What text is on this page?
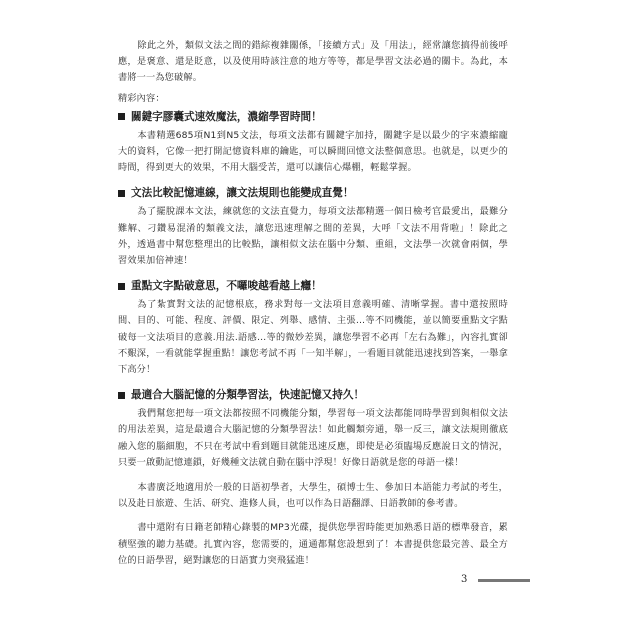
除此之外，類似文法之間的錯綜複雜關係，「接續方式」及「用法」，經常讓您搞得前後呼應，是褒意、還是貶意，以及使用時該注意的地方等等，都是學習文法必過的關卡。為此，本書將一一為您破解。

精彩內容：

關鍵字膠囊式速效魔法，濃縮學習時間！

本書精選685項N1到N5文法，每項文法都有關鍵字加持，關鍵字是以最少的字來濃縮龐大的資料，它像一把打開記憶資料庫的鑰匙，可以瞬間回憶文法整個意思。也就是，以更少的時間，得到更大的效果，不用大腦受苦，還可以讓信心爆棚，輕鬆掌握。

文法比較記憶連線，讓文法規則也能變成直覺！

為了擺脫課本文法，練就您的文法直覺力，每項文法都精選一個日檢考官最愛出，最難分難解、刁鑽易混淆的類義文法，讓您迅速理解之間的差異，大呼「文法不用背啦」！除此之外，透過書中幫您整理出的比較點，讓相似文法在腦中分類、重組，文法學一次就會兩個，學習效果加倍神速！

重點文字點破意思，不囉唆越看越上癮！

為了紮實對文法的記憶根底，務求對每一文法項目意義明確、清晰掌握。書中還按照時間、目的、可能、程度、評價、限定、列舉、感情、主張…等不同機能，並以簡要重點文字點破每一文法項目的意義.用法.語感…等的微妙差異，讓您學習不必再「左右為難」，內容扎實卻不艱深，一看就能掌握重點！讓您考試不再「一知半解」，一看題目就能迅速找到答案，一舉拿下高分！

最適合大腦記憶的分類學習法，快速記憶又持久！

我們幫您把每一項文法都按照不同機能分類，學習每一項文法都能同時學習到與相似文法的用法差異，這是最適合大腦記憶的分類學習法！如此觸類旁通，舉一反三，讓文法規則徹底融入您的腦細胞，不只在考試中看到題目就能迅速反應，即使是必須臨場反應說日文的情況，只要一啟動記憶連鎖，好幾種文法就自動在腦中浮現！好像日語就是您的母語一樣！

本書廣泛地適用於一般的日語初學者，大學生，碩博士生、參加日本語能力考試的考生，以及赴日旅遊、生活、研究、進修人員，也可以作為日語翻譯、日語教師的參考書。

書中還附有日籍老師精心錄製的MP3光碟，提供您學習時能更加熟悉日語的標準發音，累積堅強的聽力基礎。扎實內容，您需要的，通通都幫您設想到了！本書提供您最完善、最全方位的日語學習，絕對讓您的日語實力突飛猛進！

3
